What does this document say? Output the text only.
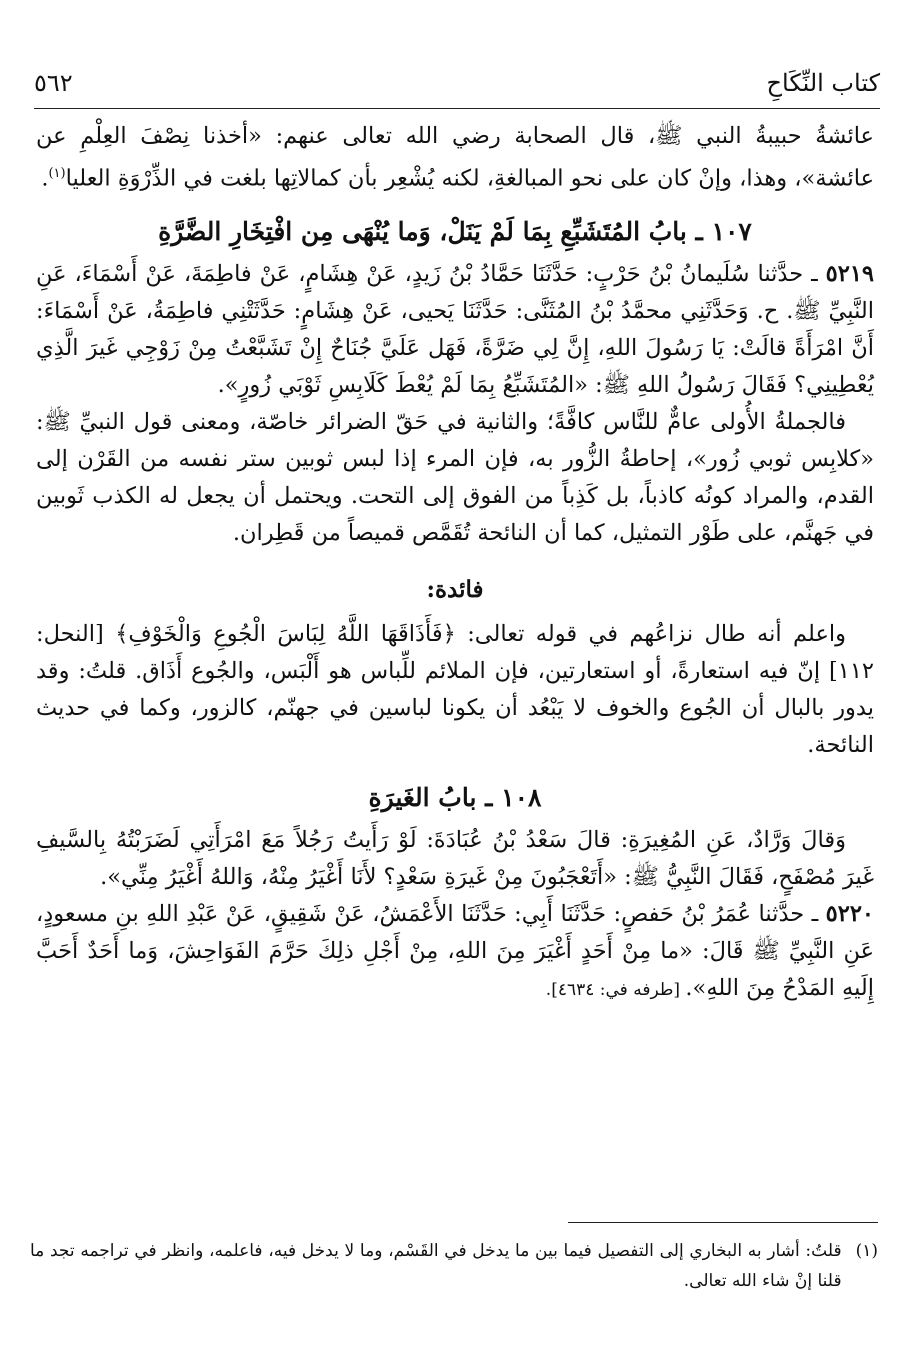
كتاب النِّكَاحِ
٥٦٢

عائشةُ حبيبةُ النبي ﷺ، قال الصحابة رضي الله تعالى عنهم: «أخذنا نِصْفَ العِلْمِ عن عائشة»، وهذا، وإنْ كان على نحو المبالغةِ، لكنه يُشْعِر بأن كمالاتِها بلغت في الذِّرْوَةِ العليا$^{(١)}$.

١٠٧ ـ بابُ المُتَشَبِّعِ بِمَا لَمْ يَنَلْ، وَما يُنْهَى مِن افْتِخَارِ الضَّرَّةِ

٥٢١٩ ـ حدَّثنا سُلَيمانُ بْنُ حَرْبٍ: حَدَّثَنَا حَمَّادُ بْنُ زَيدٍ، عَنْ هِشَامٍ، عَنْ فاطِمَةَ، عَنْ أَسْمَاءَ، عَنِ النَّبِيِّ ﷺ. ح. وَحَدَّثَنِي محمَّدُ بْنُ المُثَنَّى: حَدَّثَنَا يَحيى، عَنْ هِشَامٍ: حَدَّثَتْنِي فاطِمَةُ، عَنْ أَسْمَاءَ: أَنَّ امْرَأَةً قالَتْ: يَا رَسُولَ اللهِ، إِنَّ لِي ضَرَّةً، فَهَل عَلَيَّ جُنَاحٌ إِنْ تَشَبَّعْتُ مِنْ زَوْجِي غَيرَ الَّذِي يُعْطِينِي؟ فَقَالَ رَسُولُ اللهِ ﷺ: «المُتَشَبِّعُ بِمَا لَمْ يُعْطَ كَلَابِسِ ثَوْبَي زُورٍ».

فالجملةُ الأُولى عامٌّ للنَّاس كافَّةً؛ والثانية في حَقّ الضرائر خاصّة، ومعنى قول النبيِّ ﷺ: «كلابِس ثوبي زُور»، إحاطةُ الزُّور به، فإن المرء إذا لبس ثوبين ستر نفسه من القَرْن إلى القدم، والمراد كونُه كاذباً، بل كَذِباً من الفوق إلى التحت. ويحتمل أن يجعل له الكذب ثَوبين في جَهنَّم، على طَوْر التمثيل، كما أن النائحة تُقَمَّص قميصاً من قَطِران.

فائدة:

واعلم أنه طال نزاعُهم في قوله تعالى: ﴿فَأَذَاقَهَا اللَّهُ لِبَاسَ الْجُوعِ وَالْخَوْفِ﴾ [النحل: ١١٢] إنّ فيه استعارةً، أو استعارتين، فإن الملائم للِّباس هو أَلْبَس، والجُوع أَذَاق. قلتُ: وقد يدور بالبال أن الجُوع والخوف لا يَبْعُد أن يكونا لباسين في جهنّم، كالزور، وكما في حديث النائحة.

١٠٨ ـ بابُ الغَيرَةِ

وَقالَ وَرَّادٌ، عَنِ المُغِيرَةِ: قالَ سَعْدُ بْنُ عُبَادَةَ: لَوْ رَأَيتُ رَجُلاً مَعَ امْرَأَتِي لَضَرَبْتُهُ بِالسَّيفِ غَيرَ مُصْفَحٍ، فَقَالَ النَّبِيُّ ﷺ: «أَتَعْجَبُونَ مِنْ غَيرَةِ سَعْدٍ؟ لأَنَا أَغْيَرُ مِنْهُ، وَاللهُ أَغْيَرُ مِنِّي».

٥٢٢٠ ـ حدَّثنا عُمَرُ بْنُ حَفصٍ: حَدَّثَنَا أَبِي: حَدَّثَنَا الأَعْمَشُ، عَنْ شَقِيقٍ، عَنْ عَبْدِ اللهِ بنِ مسعودٍ، عَنِ النَّبِيِّ ﷺ قَالَ: «ما مِنْ أَحَدٍ أَغْيَرَ مِنَ اللهِ، مِنْ أَجْلِ ذلِكَ حَرَّمَ الفَوَاحِشَ، وَما أَحَدٌ أَحَبَّ إِلَيهِ المَدْحُ مِنَ اللهِ». [طرفه في: ٤٦٣٤].

(١)
قلتُ: أشار به البخاري إلى التفصيل فيما بين ما يدخل في القَسْم، وما لا يدخل فيه، فاعلمه، وانظر في تراجمه تجد ما قلنا إنْ شاء الله تعالى.
